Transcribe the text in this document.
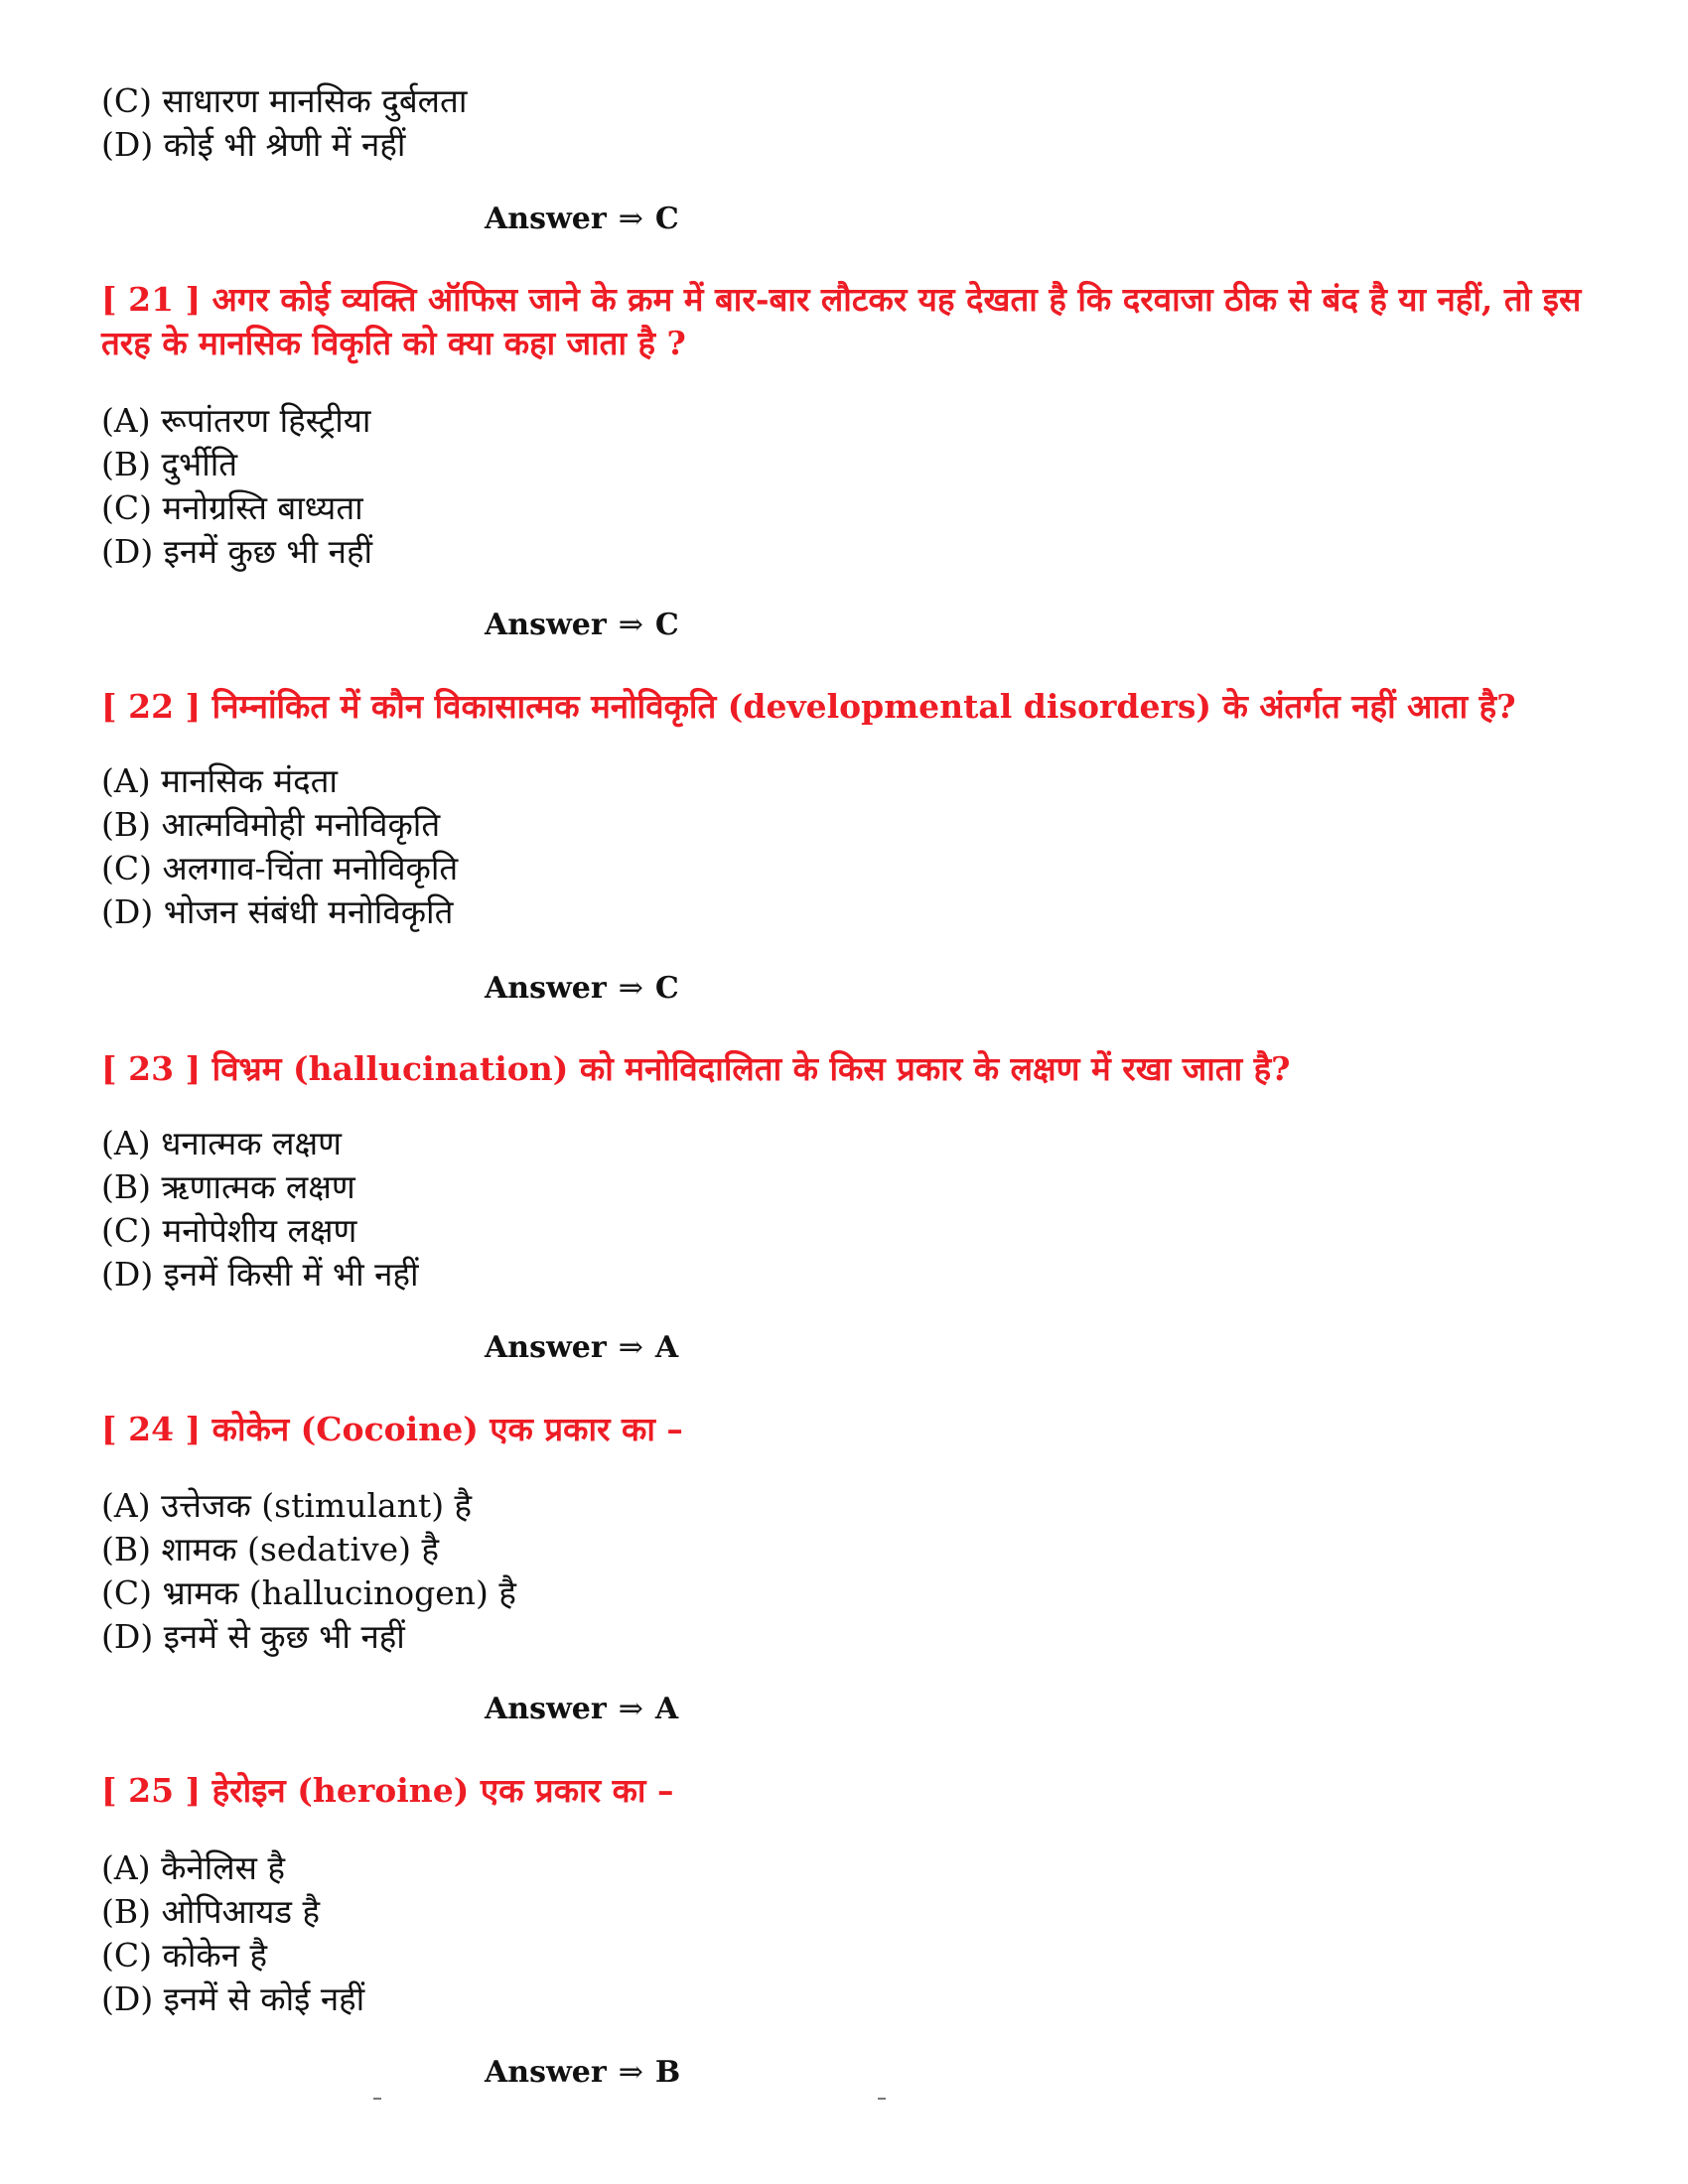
(C) साधारण मानसिक दुर्बलता
(D) कोई भी श्रेणी में नहीं
Answer ⇒ C
[ 21 ] अगर कोई व्यक्ति ऑफिस जाने के क्रम में बार-बार लौटकर यह देखता है कि दरवाजा ठीक से बंद है या नहीं, तो इस तरह के मानसिक विकृति को क्या कहा जाता है ?
(A) रूपांतरण हिस्ट्रीया
(B) दुर्भीति
(C) मनोग्रस्ति बाध्यता
(D) इनमें कुछ भी नहीं
Answer ⇒ C
[ 22 ] निम्नांकित में कौन विकासात्मक मनोविकृति (developmental disorders) के अंतर्गत नहीं आता है?
(A) मानसिक मंदता
(B) आत्मविमोही मनोविकृति
(C) अलगाव-चिंता मनोविकृति
(D) भोजन संबंधी मनोविकृति
Answer ⇒ C
[ 23 ] विभ्रम (hallucination) को मनोविदालिता के किस प्रकार के लक्षण में रखा जाता है?
(A) धनात्मक लक्षण
(B) ऋणात्मक लक्षण
(C) मनोपेशीय लक्षण
(D) इनमें किसी में भी नहीं
Answer ⇒ A
[ 24 ] कोकेन (Cocoine) एक प्रकार का –
(A) उत्तेजक (stimulant) है
(B) शामक (sedative) है
(C) भ्रामक (hallucinogen) है
(D) इनमें से कुछ भी नहीं
Answer ⇒ A
[ 25 ] हेरोइन (heroine) एक प्रकार का –
(A) कैनेलिस है
(B) ओपिआयड है
(C) कोकेन है
(D) इनमें से कोई नहीं
Answer ⇒ B
